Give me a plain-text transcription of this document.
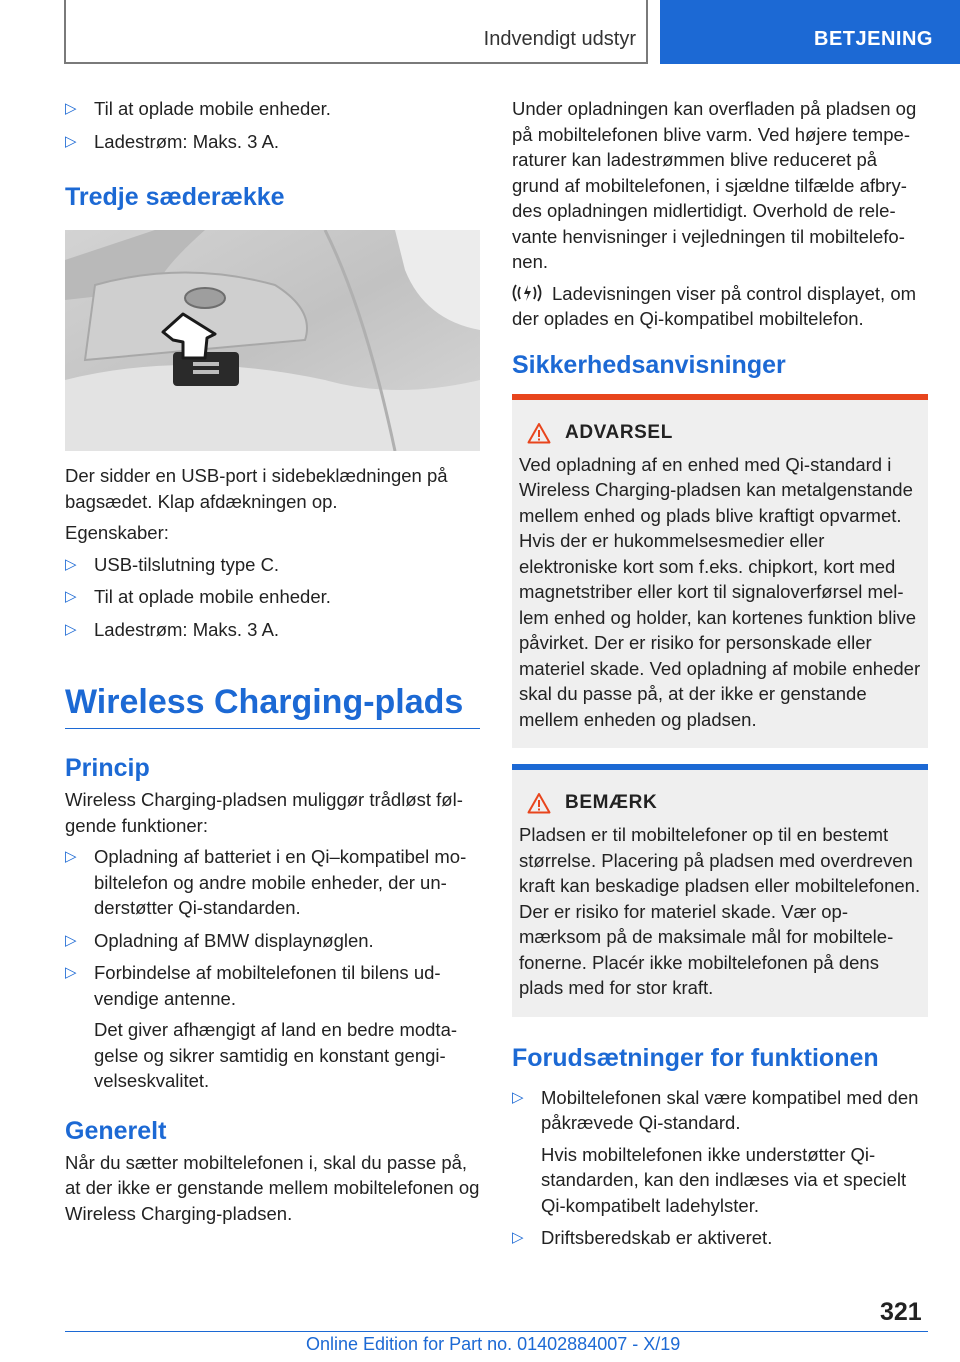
Indvendigt udstyr	BETJENING
▷ Til at oplade mobile enheder.
▷ Ladestrøm: Maks. 3 A.
Tredje sæderække

Der sidder en USB-port i sidebeklædningen på bagsædet. Klap afdækningen op.

Egenskaber:

▷ USB-tilslutning type C.
▷ Til at oplade mobile enheder.
▷ Ladestrøm: Maks. 3 A.
Wireless Charging-plads
Princip

Wireless Charging-pladsen muliggør trådløst følgende funktioner:

▷ Opladning af batteriet i en Qi–kompatibel mobiltelefon og andre mobile enheder, der understøtter Qi-standarden.
▷ Opladning af BMW displaynøglen.
▷ Forbindelse af mobiltelefonen til bilens udvendige antenne.
Det giver afhængigt af land en bedre modtagelse og sikrer samtidig en konstant gengivelseskvalitet.
Generelt

Når du sætter mobiltelefonen i, skal du passe på, at der ikke er genstande mellem mobiltelefonen og Wireless Charging-pladsen.

Under opladningen kan overfladen på pladsen og på mobiltelefonen blive varm. Ved højere temperaturer kan ladestrømmen blive reduceret på grund af mobiltelefonen, i sjældne tilfælde afbrydes opladningen midlertidigt. Overhold de relevante henvisninger i vejledningen til mobiltelefonen.

Ladevisningen viser på control displayet, om der oplades en Qi-kompatibel mobiltelefon.

Sikkerhedsanvisninger
ADVARSEL
Ved opladning af en enhed med Qi-standard i Wireless Charging-pladsen kan metalgenstande mellem enhed og plads blive kraftigt opvarmet. Hvis der er hukommelsesmedier eller elektroniske kort som f.eks. chipkort, kort med magnetstriber eller kort til signaloverførsel mellem enhed og holder, kan kortenes funktion blive påvirket. Der er risiko for personskade eller materiel skade. Ved opladning af mobile enheder skal du passe på, at der ikke er genstande mellem enheden og pladsen.
BEMÆRK
Pladsen er til mobiltelefoner op til en bestemt størrelse. Placering på pladsen med overdreven kraft kan beskadige pladsen eller mobiltelefonen. Der er risiko for materiel skade. Vær opmærksom på de maksimale mål for mobiltelefonerne. Placér ikke mobiltelefonen på dens plads med for stor kraft.
Forudsætninger for funktionen
▷ Mobiltelefonen skal være kompatibel med den påkrævede Qi-standard.
Hvis mobiltelefonen ikke understøtter Qi-standarden, kan den indlæses via et specielt Qi-kompatibelt ladehylster.
▷ Driftsberedskab er aktiveret.
321
Online Edition for Part no. 01402884007 - X/19
